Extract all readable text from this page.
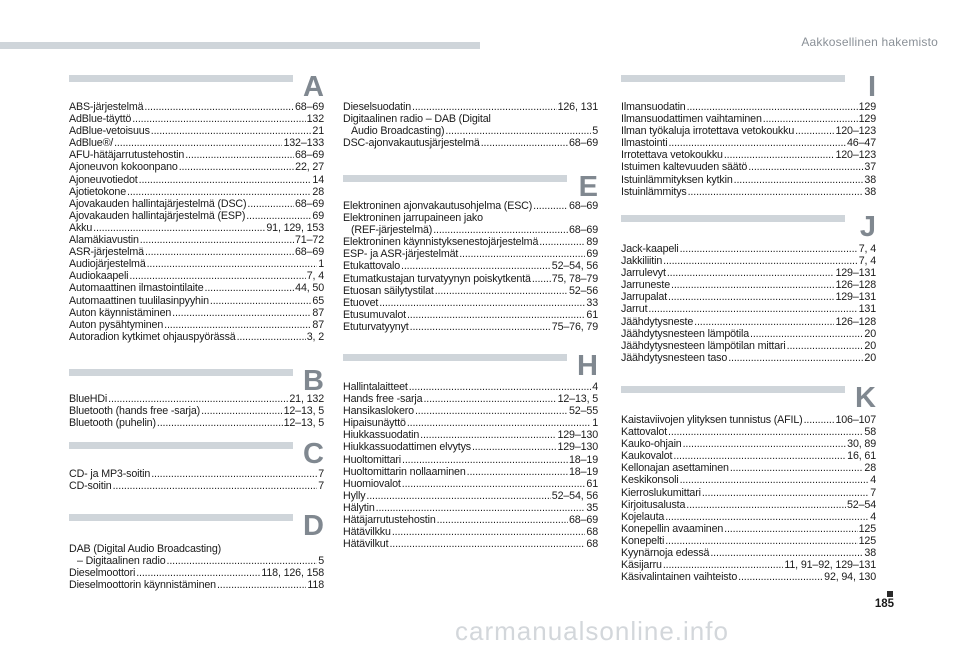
Aakkosellinen hakemisto
A
ABS-järjestelmä .....	68–69
AdBlue-täyttö .....	132
AdBlue-vetoisuus .....	21
AdBlue®/ .....	132–133
AFU-hätäjarrutustehostin .....	68–69
Ajoneuvon kokoonpano .....	22, 27
Ajoneuvotiedot .....	14
Ajotietokone .....	28
Ajovakauden hallintajärjestelmä (DSC) .....	68–69
Ajovakauden hallintajärjestelmä (ESP) .....	69
Akku .....	91, 129, 153
Alamäkiavustin .....	71–72
ASR-järjestelmä .....	68–69
Audiojärjestelmä .....	1
Audiokaapeli .....	7, 4
Automaattinen ilmastointilaite .....	44, 50
Automaattinen tuulilasinpyyhin .....	65
Auton käynnistäminen .....	87
Auton pysähtyminen .....	87
Autoradion kytkimet ohjauspyörässä .....	3, 2
B
BlueHDi .....	21, 132
Bluetooth (hands free -sarja) .....	12–13, 5
Bluetooth (puhelin) .....	12–13, 5
C
CD- ja MP3-soitin .....	7
CD-soitin .....	7
D
DAB (Digital Audio Broadcasting)
– Digitaalinen radio .....	5
Dieselmoottori .....	118, 126, 158
Dieselmoottorin käynnistäminen .....	118
Dieselsuodatin .....	126, 131
Digitaalinen radio – DAB (Digital
Audio Broadcasting) .....	5
DSC-ajonvakautusjärjestelmä .....	68–69
E
Elektroninen ajonvakautusohjelma (ESC) .....	68–69
Elektroninen jarrupaineen jako
(REF-järjestelmä) .....	68–69
Elektroninen käynnistyksenestojärjestelmä .....	89
ESP- ja ASR-järjestelmät .....	69
Etukattovalo .....	52–54, 56
Etumatkustajan turvatyynyn poiskytkentä ..... 75, 78–79
Etuosan säilytystilat .....	52–56
Etuovet .....	33
Etusumuvalot .....	61
Etuturvatyynyt .....	75–76, 79
H
Hallintalaitteet .....	4
Hands free -sarja .....	12–13, 5
Hansikaslokero .....	52–55
Hipaisunäyttö .....	1
Hiukkassuodatin .....	129–130
Hiukkassuodattimen elvytys .....	129–130
Huoltomittari .....	18–19
Huoltomittarin nollaaminen .....	18–19
Huomiovalot .....	61
Hylly .....	52–54, 56
Hälytin .....	35
Hätäjarrutustehostin .....	68–69
Hätävilkku .....	68
Hätävilkut .....	68
I
Ilmansuodatin .....	129
Ilmansuodattimen vaihtaminen .....	129
Ilman työkaluja irrotettava vetokoukku .....	120–123
Ilmastointi .....	46–47
Irrotettava vetokoukku .....	120–123
Istuimen kaltevuuden säätö .....	37
Istuinlämmityksen kytkin .....	38
Istuinlämmitys .....	38
J
Jack-kaapeli .....	7, 4
Jakkiliitin .....	7, 4
Jarrulevyt .....	129–131
Jarruneste .....	126–128
Jarrupalat .....	129–131
Jarrut .....	131
Jäähdytysneste .....	126–128
Jäähdytysnesteen lämpötila .....	20
Jäähdytysnesteen lämpötilan mittari .....	20
Jäähdytysnesteen taso .....	20
K
Kaistaviivojen ylityksen tunnistus (AFIL) .....	106–107
Kattovalot .....	58
Kauko-ohjain .....	30, 89
Kaukovalot .....	16, 61
Kellonajan asettaminen .....	28
Keskikonsoli .....	4
Kierroslukumittari .....	7
Kirjoitusalusta .....	52–54
Kojelauta .....	4
Konepellin avaaminen .....	125
Konepelti .....	125
Kyynärnoja edessä .....	38
Käsijarru .....	11, 91–92, 129–131
Käsivalintainen vaihteisto .....	92, 94, 130
185
carmanualsonline.info
